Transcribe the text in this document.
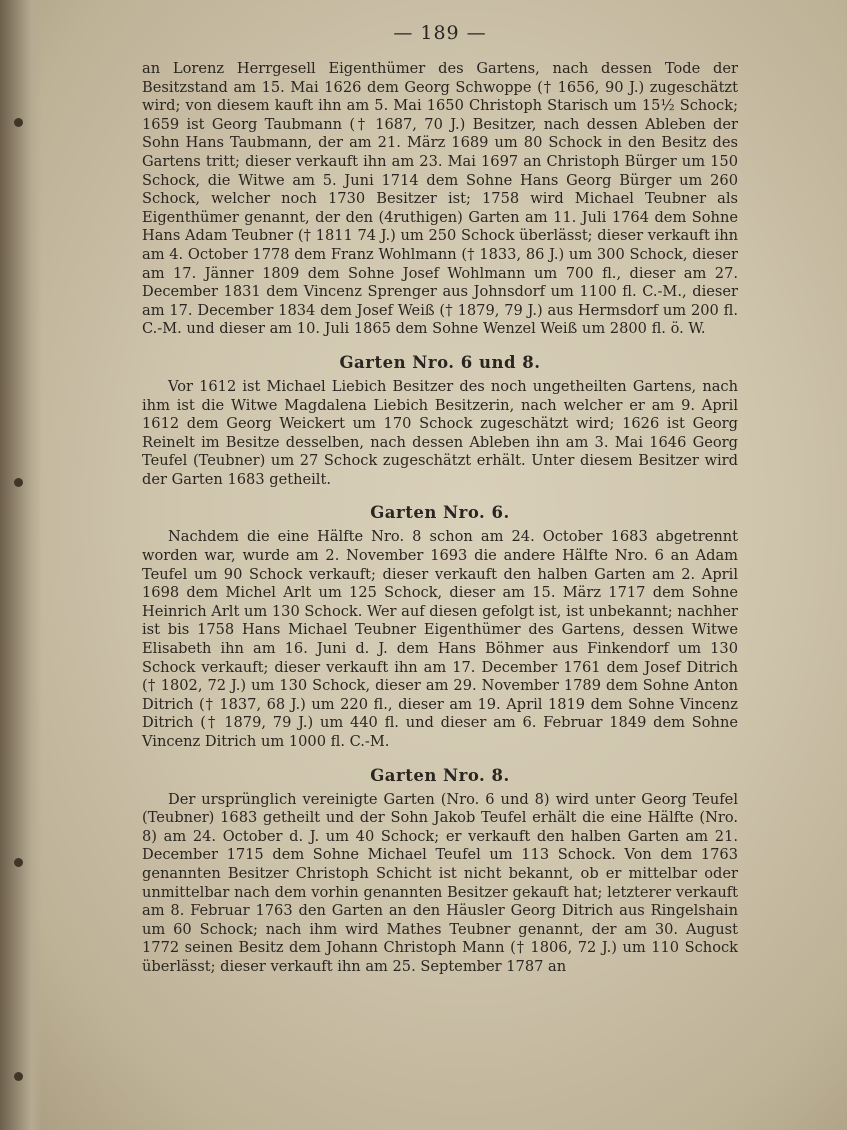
— 189 —

an Lorenz Herrgesell Eigenthümer des Gartens, nach dessen Tode der Besitzstand am 15. Mai 1626 dem Georg Schwoppe († 1656, 90 J.) zugeschätzt wird; von diesem kauft ihn am 5. Mai 1650 Christoph Starisch um 15½ Schock; 1659 ist Georg Taubmann († 1687, 70 J.) Besitzer, nach dessen Ableben der Sohn Hans Taubmann, der am 21. März 1689 um 80 Schock in den Besitz des Gartens tritt; dieser verkauft ihn am 23. Mai 1697 an Christoph Bürger um 150 Schock, die Witwe am 5. Juni 1714 dem Sohne Hans Georg Bürger um 260 Schock, welcher noch 1730 Besitzer ist; 1758 wird Michael Teubner als Eigenthümer genannt, der den (4ruthigen) Garten am 11. Juli 1764 dem Sohne Hans Adam Teubner († 1811 74 J.) um 250 Schock überlässt; dieser verkauft ihn am 4. October 1778 dem Franz Wohlmann († 1833, 86 J.) um 300 Schock, dieser am 17. Jänner 1809 dem Sohne Josef Wohlmann um 700 fl., dieser am 27. December 1831 dem Vincenz Sprenger aus Johnsdorf um 1100 fl. C.-M., dieser am 17. December 1834 dem Josef Weiß († 1879, 79 J.) aus Hermsdorf um 200 fl. C.-M. und dieser am 10. Juli 1865 dem Sohne Wenzel Weiß um 2800 fl. ö. W.

Garten Nro. 6 und 8.

Vor 1612 ist Michael Liebich Besitzer des noch ungetheilten Gartens, nach ihm ist die Witwe Magdalena Liebich Besitzerin, nach welcher er am 9. April 1612 dem Georg Weickert um 170 Schock zugeschätzt wird; 1626 ist Georg Reinelt im Besitze desselben, nach dessen Ableben ihn am 3. Mai 1646 Georg Teufel (Teubner) um 27 Schock zugeschätzt erhält. Unter diesem Besitzer wird der Garten 1683 getheilt.

Garten Nro. 6.

Nachdem die eine Hälfte Nro. 8 schon am 24. October 1683 abgetrennt worden war, wurde am 2. November 1693 die andere Hälfte Nro. 6 an Adam Teufel um 90 Schock verkauft; dieser verkauft den halben Garten am 2. April 1698 dem Michel Arlt um 125 Schock, dieser am 15. März 1717 dem Sohne Heinrich Arlt um 130 Schock. Wer auf diesen gefolgt ist, ist unbekannt; nachher ist bis 1758 Hans Michael Teubner Eigenthümer des Gartens, dessen Witwe Elisabeth ihn am 16. Juni d. J. dem Hans Böhmer aus Finkendorf um 130 Schock verkauft; dieser verkauft ihn am 17. December 1761 dem Josef Ditrich († 1802, 72 J.) um 130 Schock, dieser am 29. November 1789 dem Sohne Anton Ditrich († 1837, 68 J.) um 220 fl., dieser am 19. April 1819 dem Sohne Vincenz Ditrich († 1879, 79 J.) um 440 fl. und dieser am 6. Februar 1849 dem Sohne Vincenz Ditrich um 1000 fl. C.-M.

Garten Nro. 8.

Der ursprünglich vereinigte Garten (Nro. 6 und 8) wird unter Georg Teufel (Teubner) 1683 getheilt und der Sohn Jakob Teufel erhält die eine Hälfte (Nro. 8) am 24. October d. J. um 40 Schock; er verkauft den halben Garten am 21. December 1715 dem Sohne Michael Teufel um 113 Schock. Von dem 1763 genannten Besitzer Christoph Schicht ist nicht bekannt, ob er mittelbar oder unmittelbar nach dem vorhin genannten Besitzer gekauft hat; letzterer verkauft am 8. Februar 1763 den Garten an den Häusler Georg Ditrich aus Ringelshain um 60 Schock; nach ihm wird Mathes Teubner genannt, der am 30. August 1772 seinen Besitz dem Johann Christoph Mann († 1806, 72 J.) um 110 Schock überlässt; dieser verkauft ihn am 25. September 1787 an
